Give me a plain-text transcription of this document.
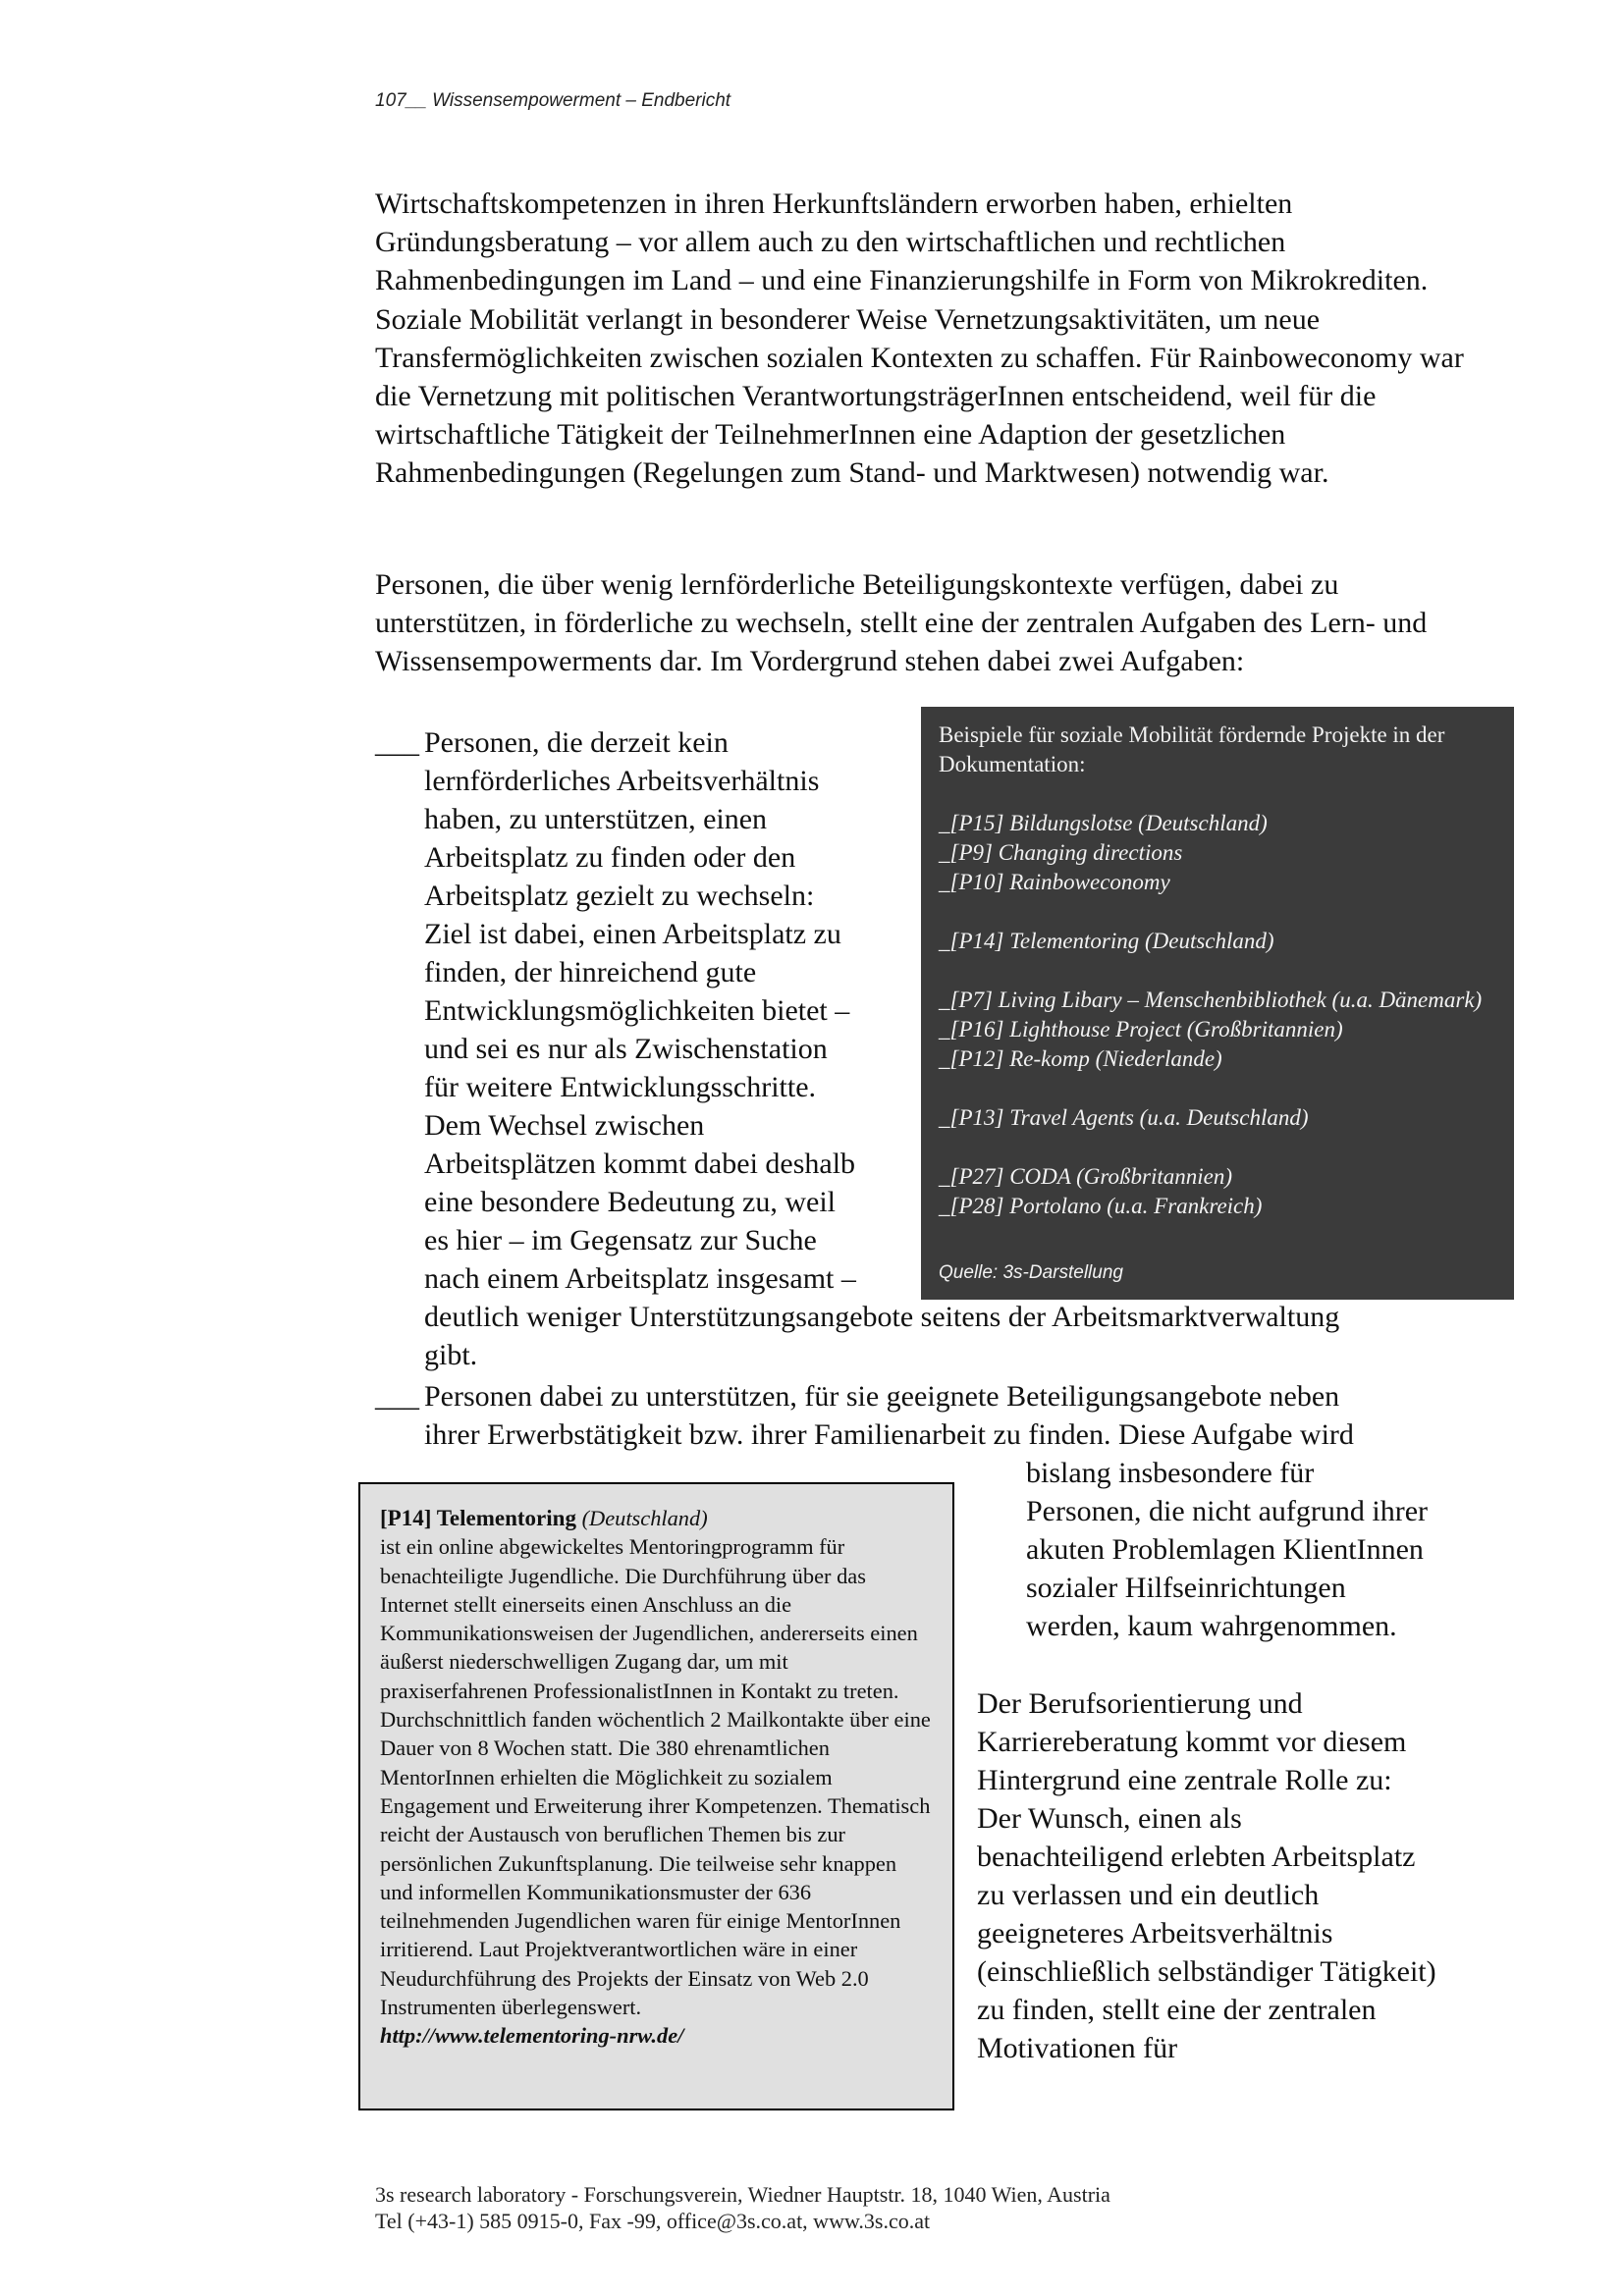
107__ Wissensempowerment – Endbericht

Wirtschaftskompetenzen in ihren Herkunftsländern erworben haben, erhielten Gründungsberatung – vor allem auch zu den wirtschaftlichen und rechtlichen Rahmenbedingungen im Land – und eine Finanzierungshilfe in Form von Mikrokrediten. Soziale Mobilität verlangt in besonderer Weise Vernetzungsaktivitäten, um neue Transfermöglichkeiten zwischen sozialen Kontexten zu schaffen. Für Rainboweconomy war die Vernetzung mit politischen VerantwortungsträgerInnen entscheidend, weil für die wirtschaftliche Tätigkeit der TeilnehmerInnen eine Adaption der gesetzlichen Rahmenbedingungen (Regelungen zum Stand- und Marktwesen) notwendig war.

Personen, die über wenig lernförderliche Beteiligungskontexte verfügen, dabei zu unterstützen, in förderliche zu wechseln, stellt eine der zentralen Aufgaben des Lern- und Wissensempowerments dar. Im Vordergrund stehen dabei zwei Aufgaben:

___ Personen, die derzeit kein
lernförderliches Arbeitsverhältnis
haben, zu unterstützen, einen
Arbeitsplatz zu finden oder den
Arbeitsplatz gezielt zu wechseln:
Ziel ist dabei, einen Arbeitsplatz zu
finden, der hinreichend gute
Entwicklungsmöglichkeiten bietet –
und sei es nur als Zwischenstation
für weitere Entwicklungsschritte.
Dem Wechsel zwischen
Arbeitsplätzen kommt dabei deshalb
eine besondere Bedeutung zu, weil
es hier – im Gegensatz zur Suche
nach einem Arbeitsplatz insgesamt –
deutlich weniger Unterstützungsangebote seitens der Arbeitsmarktverwaltung
gibt.
___ Personen dabei zu unterstützen, für sie geeignete Beteiligungsangebote neben
ihrer Erwerbstätigkeit bzw. ihrer Familienarbeit zu finden. Diese Aufgabe wird
bislang insbesondere für
Personen, die nicht aufgrund ihrer
akuten Problemlagen KlientInnen
sozialer Hilfseinrichtungen
werden, kaum wahrgenommen.
Der Berufsorientierung und
Karriereberatung kommt vor diesem
Hintergrund eine zentrale Rolle zu:
Der Wunsch, einen als
benachteiligend erlebten Arbeitsplatz
zu verlassen und ein deutlich
geeigneteres Arbeitsverhältnis
(einschließlich selbständiger Tätigkeit)
zu finden, stellt eine der zentralen
Motivationen für
Beispiele für soziale Mobilität fördernde Projekte in der Dokumentation:
_[P15] Bildungslotse (Deutschland)
_[P9] Changing directions
_[P10] Rainboweconomy
_[P14] Telementoring (Deutschland)
_[P7] Living Libary – Menschenbibliothek (u.a. Dänemark)
_[P16] Lighthouse Project (Großbritannien)
_[P12] Re-komp (Niederlande)
_[P13] Travel Agents (u.a. Deutschland)
_[P27] CODA (Großbritannien)
_[P28] Portolano (u.a. Frankreich)
Quelle: 3s-Darstellung
[P14] Telementoring (Deutschland)
ist ein online abgewickeltes Mentoringprogramm für benachteiligte Jugendliche. Die Durchführung über das Internet stellt einerseits einen Anschluss an die Kommunikationsweisen der Jugendlichen, andererseits einen äußerst niederschwelligen Zugang dar, um mit praxiserfahrenen ProfessionalistInnen in Kontakt zu treten. Durchschnittlich fanden wöchentlich 2 Mailkontakte über eine Dauer von 8 Wochen statt. Die 380 ehrenamtlichen MentorInnen erhielten die Möglichkeit zu sozialem Engagement und Erweiterung ihrer Kompetenzen. Thematisch reicht der Austausch von beruflichen Themen bis zur persönlichen Zukunftsplanung. Die teilweise sehr knappen und informellen Kommunikationsmuster der 636 teilnehmenden Jugendlichen waren für einige MentorInnen irritierend. Laut Projektverantwortlichen wäre in einer Neudurchführung des Projekts der Einsatz von Web 2.0 Instrumenten überlegenswert.
http://www.telementoring-nrw.de/
3s research laboratory - Forschungsverein, Wiedner Hauptstr. 18, 1040 Wien, Austria
Tel (+43-1) 585 0915-0, Fax -99, office@3s.co.at, www.3s.co.at
